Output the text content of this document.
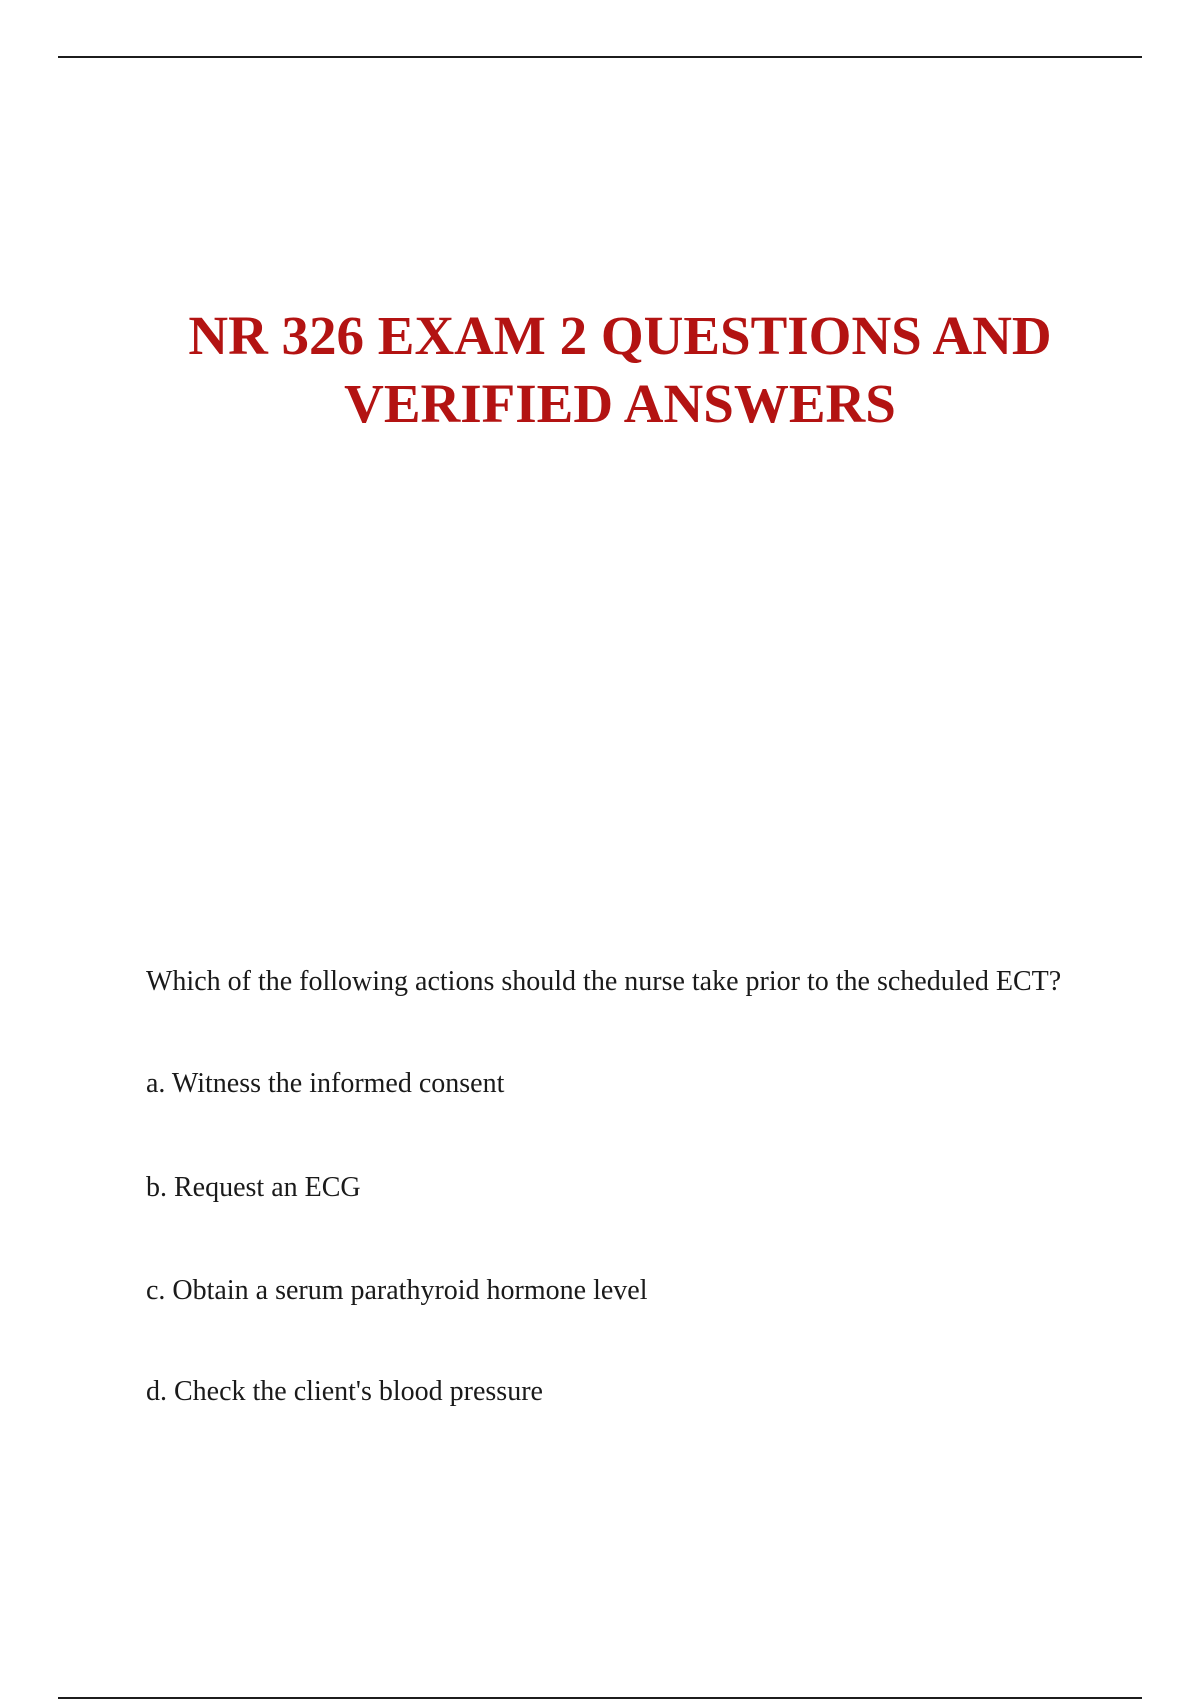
NR 326 EXAM 2 QUESTIONS AND
VERIFIED ANSWERS

Which of the following actions should the nurse take prior to the scheduled ECT?

a. Witness the informed consent

b. Request an ECG

c. Obtain a serum parathyroid hormone level

d. Check the client's blood pressure
